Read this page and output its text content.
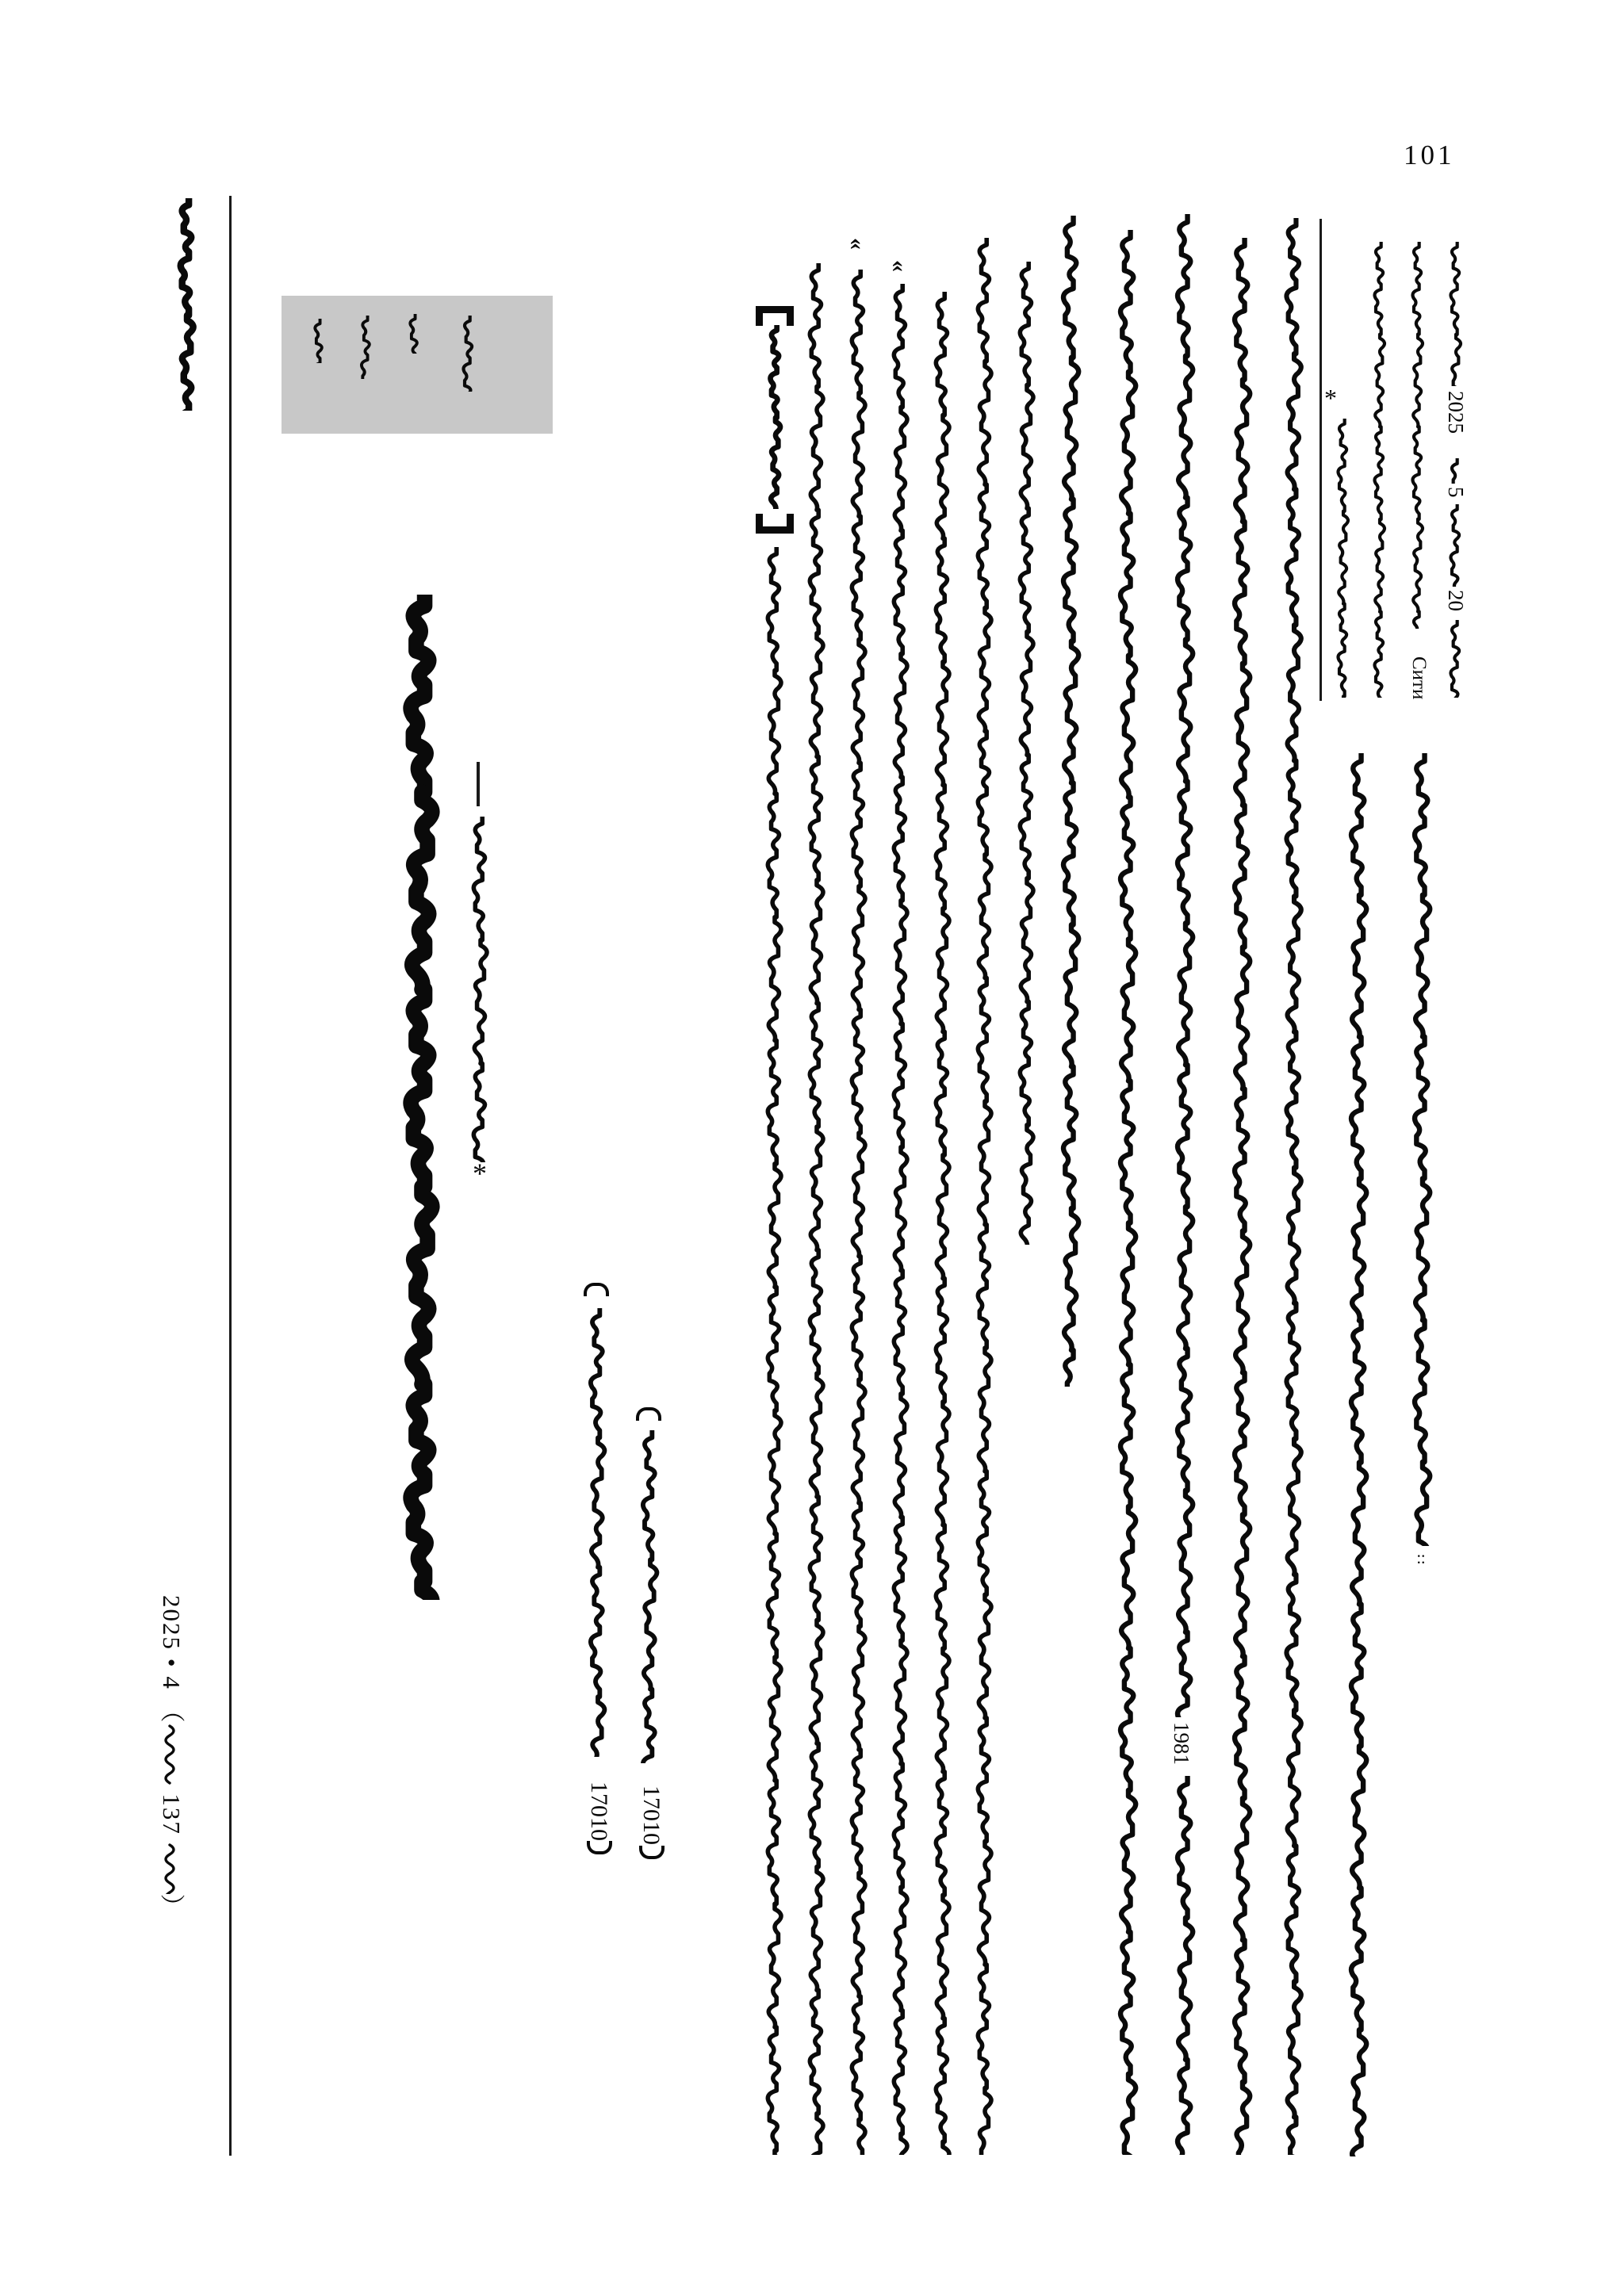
101
2025 • 4 （ 137 ）
*
*
Сити
2025
5
20
1981
17010 17010
᠄᠄
«
«
